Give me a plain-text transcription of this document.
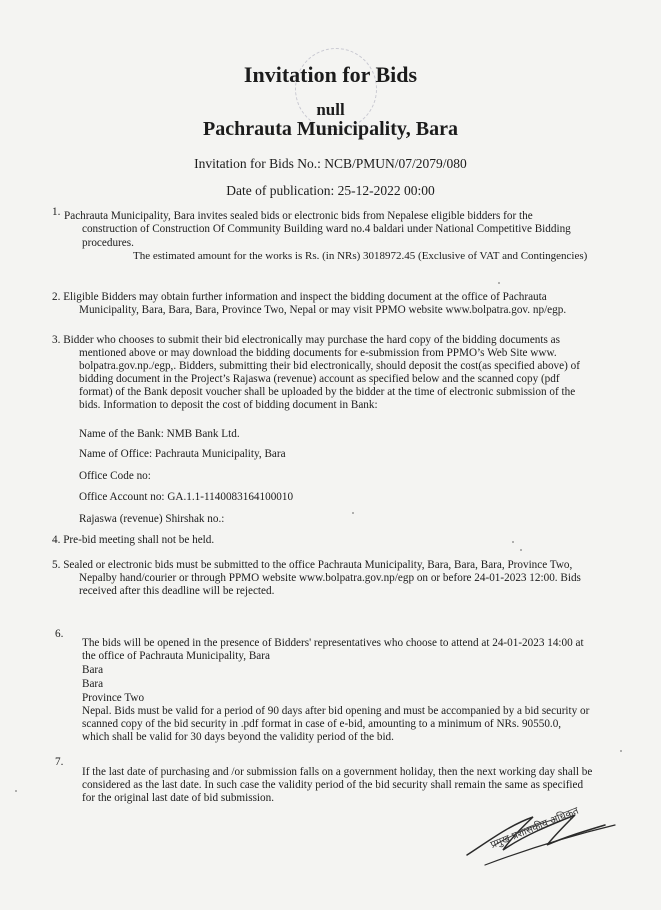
Invitation for Bids
null
Pachrauta Municipality, Bara
Invitation for Bids No.: NCB/PMUN/07/2079/080
Date of publication: 25-12-2022 00:00
1. Pachrauta Municipality, Bara invites sealed bids or electronic bids from Nepalese eligible bidders for the
construction of Construction Of Community Building ward no.4 baldari under National Competitive Bidding
procedures.
The estimated amount for the works is Rs. (in NRs) 3018972.45 (Exclusive of VAT and Contingencies)
2. Eligible Bidders may obtain further information and inspect the bidding document at the office of Pachrauta
Municipality, Bara, Bara, Bara, Province Two, Nepal or may visit PPMO website www.bolpatra.gov. np/egp.
3. Bidder who chooses to submit their bid electronically may purchase the hard copy of the bidding documents as
mentioned above or may download the bidding documents for e-submission from PPMO’s Web Site www.
bolpatra.gov.np./egp,. Bidders, submitting their bid electronically, should deposit the cost(as specified above) of
bidding document in the Project’s Rajaswa (revenue) account as specified below and the scanned copy (pdf
format) of the Bank deposit voucher shall be uploaded by the bidder at the time of electronic submission of the
bids. Information to deposit the cost of bidding document in Bank:
Name of the Bank: NMB Bank Ltd.
Name of Office: Pachrauta Municipality, Bara
Office Code no:
Office Account no: GA.1.1-1140083164100010
Rajaswa (revenue) Shirshak no.:
4. Pre-bid meeting shall not be held.
5. Sealed or electronic bids must be submitted to the office Pachrauta Municipality, Bara, Bara, Bara, Province Two,
Nepalby hand/courier or through PPMO website www.bolpatra.gov.np/egp on or before 24-01-2023 12:00. Bids
received after this deadline will be rejected.
6.
The bids will be opened in the presence of Bidders' representatives who choose to attend at 24-01-2023 14:00 at
the office of Pachrauta Municipality, Bara
Bara
Bara
Province Two
Nepal. Bids must be valid for a period of 90 days after bid opening and must be accompanied by a bid security or
scanned copy of the bid security in .pdf format in case of e-bid, amounting to a minimum of NRs. 90550.0,
which shall be valid for 30 days beyond the validity period of the bid.
7.
If the last date of purchasing and /or submission falls on a government holiday, then the next working day shall be
considered as the last date. In such case the validity period of the bid security shall remain the same as specified
for the original last date of bid submission.
प्रमुख प्रशासकीय अधिकृत
